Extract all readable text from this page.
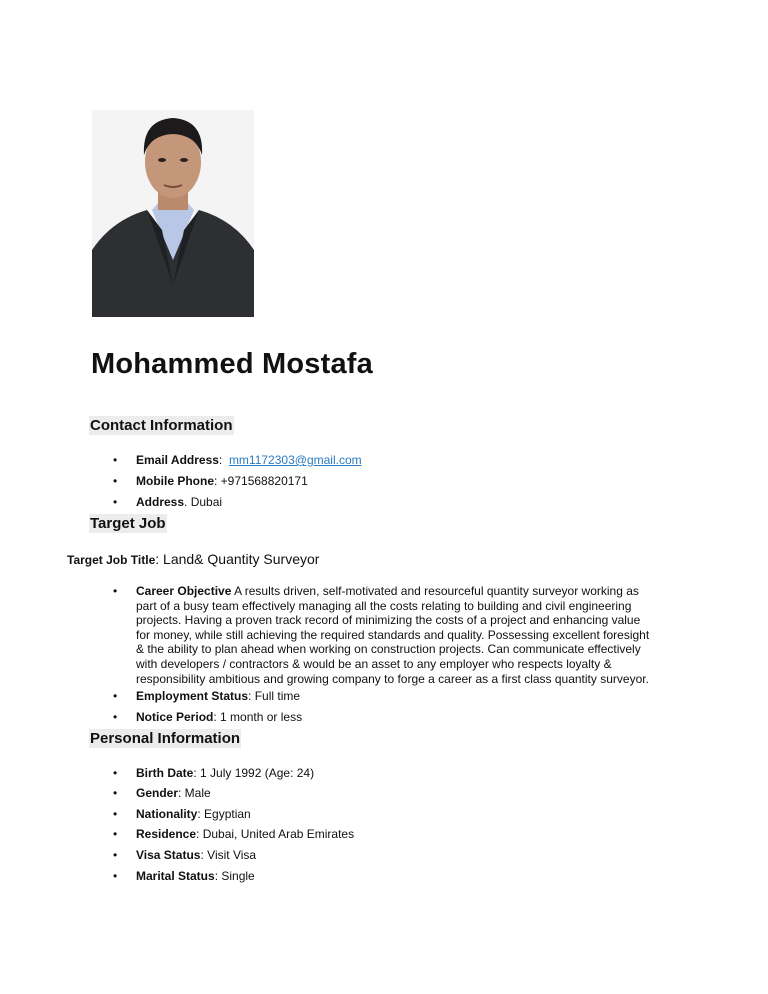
Mohammed Mostafa
Contact Information
• Email Address: mm1172303@gmail.com
• Mobile Phone: +971568820171
• Address. Dubai
Target Job
Target Job Title: Land& Quantity Surveyor
• Career Objective A results driven, self-motivated and resourceful quantity surveyor working as
part of a busy team effectively managing all the costs relating to building and civil engineering
projects. Having a proven track record of minimizing the costs of a project and enhancing value
for money, while still achieving the required standards and quality. Possessing excellent foresight
& the ability to plan ahead when working on construction projects. Can communicate effectively
with developers / contractors & would be an asset to any employer who respects loyalty &
responsibility ambitious and growing company to forge a career as a first class quantity surveyor.
• Employment Status: Full time
• Notice Period: 1 month or less
Personal Information
• Birth Date: 1 July 1992 (Age: 24)
• Gender: Male
• Nationality: Egyptian
• Residence: Dubai, United Arab Emirates
• Visa Status: Visit Visa
• Marital Status: Single
